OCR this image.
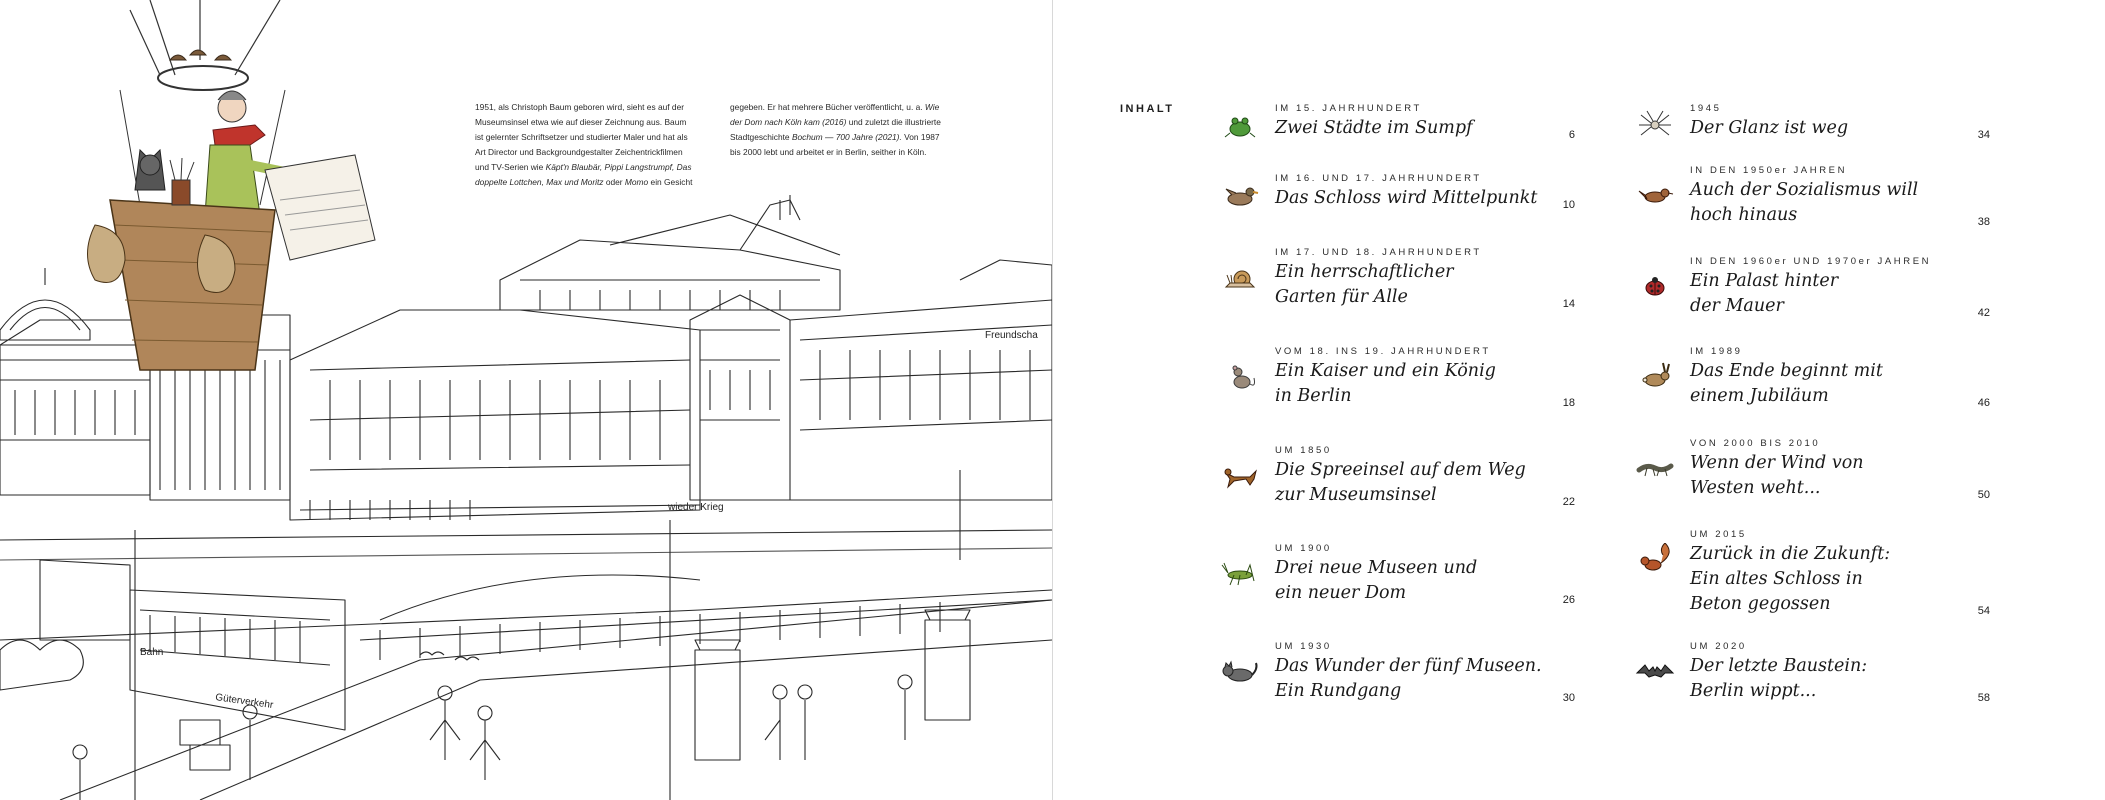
Freundscha
wieder Krieg
Güterverkehr
Bahn
1951, als Christoph Baum geboren wird, sieht es auf der Museumsinsel etwa wie auf dieser Zeichnung aus. Baum ist gelernter Schriftsetzer und studierter Maler und hat als Art Director und Backgroundgestalter Zeichentrickfilmen und TV-Serien wie Käpt'n Blaubär, Pippi Langstrumpf, Das doppelte Lottchen, Max und Moritz oder Momo ein Gesicht
gegeben. Er hat mehrere Bücher veröffentlicht, u. a. Wie der Dom nach Köln kam (2016) und zuletzt die illustrierte Stadtgeschichte Bochum — 700 Jahre (2021). Von 1987 bis 2000 lebt und arbeitet er in Berlin, seither in Köln.
INHALT	IM 15. JAHRHUNDERT
Zwei Städte im Sumpf	6
IM 16. UND 17. JAHRHUNDERT
Das Schloss wird Mittelpunkt	10
IM 17. UND 18. JAHRHUNDERT
Ein herrschaftlicher
Garten für Alle	14
VOM 18. INS 19. JAHRHUNDERT
Ein Kaiser und ein König
in Berlin	18
UM 1850
Die Spreeinsel auf dem Weg
zur Museumsinsel	22
UM 1900
Drei neue Museen und
ein neuer Dom	26
UM 1930
Das Wunder der fünf Museen.
Ein Rundgang	30
1945
Der Glanz ist weg	34
IN DEN 1950er JAHREN
Auch der Sozialismus will
hoch hinaus	38
IN DEN 1960er UND 1970er JAHREN
Ein Palast hinter
der Mauer	42
IM 1989
Das Ende beginnt mit
einem Jubiläum	46
VON 2000 BIS 2010
Wenn der Wind von
Westen weht...	50
UM 2015
Zurück in die Zukunft:
Ein altes Schloss in
Beton gegossen	54
UM 2020
Der letzte Baustein:
Berlin wippt...	58
